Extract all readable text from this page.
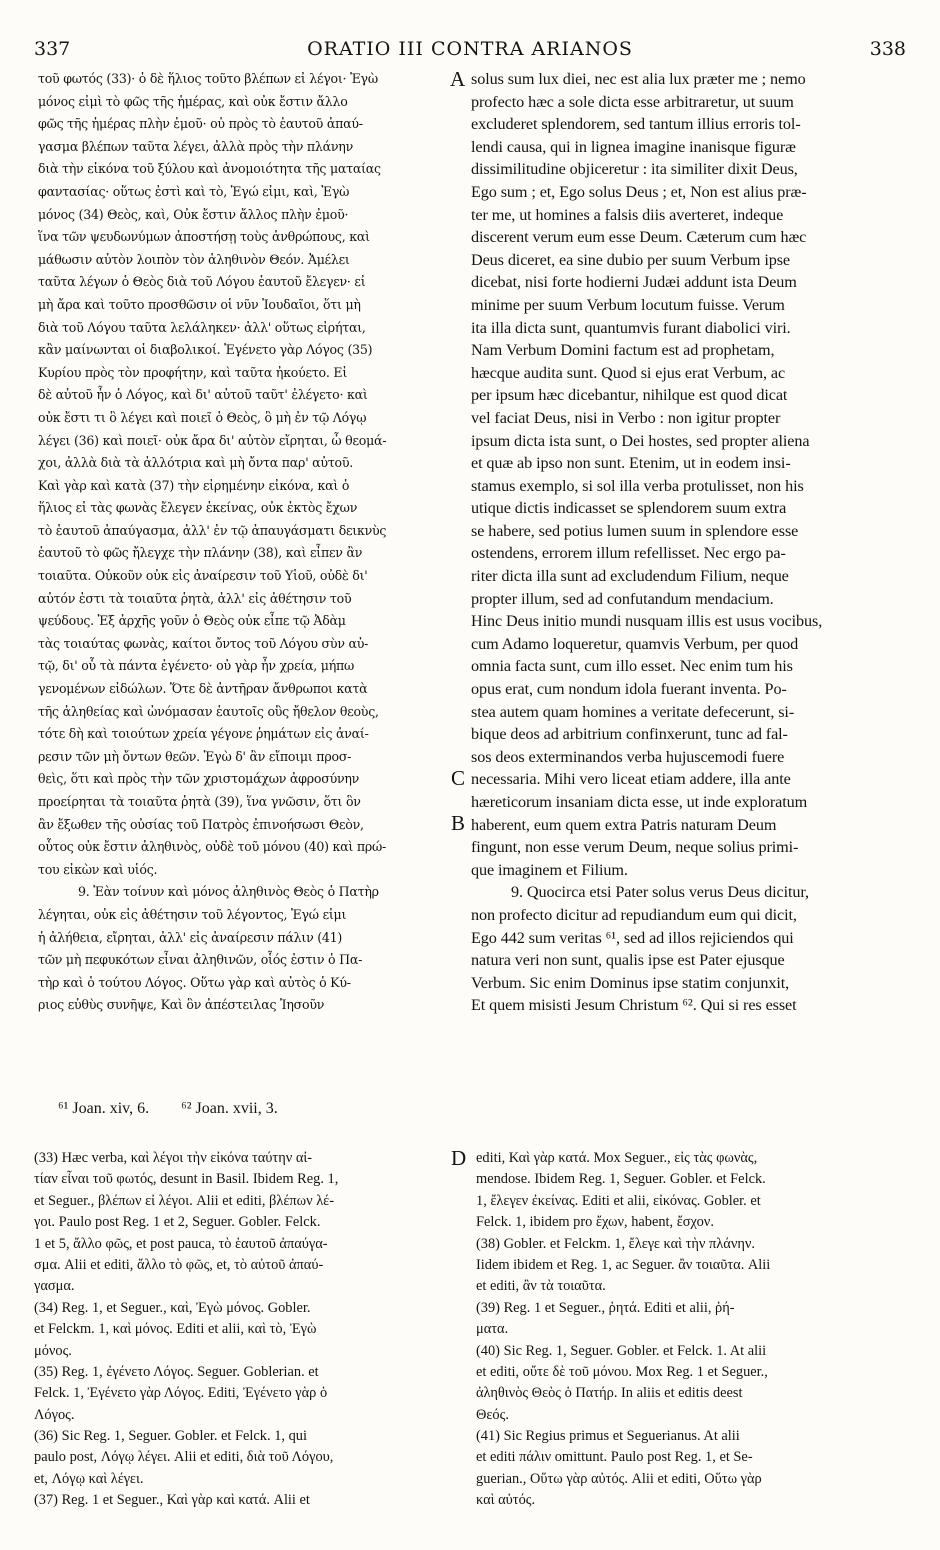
337	ORATIO III CONTRA ARIANOS	338
τοῦ φωτός (33)· ὁ δὲ ἥλιος τοῦτο βλέπων εἰ λέγοι· Ἐγὼ
μόνος εἰμὶ τὸ φῶς τῆς ἡμέρας, καὶ οὐκ ἔστιν ἄλλο
φῶς τῆς ἡμέρας πλὴν ἐμοῦ· οὐ πρὸς τὸ ἑαυτοῦ ἀπαύ-
γασμα βλέπων ταῦτα λέγει, ἀλλὰ πρὸς τὴν πλάνην
διὰ τὴν εἰκόνα τοῦ ξύλου καὶ ἀνομοιότητα τῆς ματαίας
φαντασίας· οὕτως ἐστὶ καὶ τὸ, Ἐγώ εἰμι, καὶ, Ἐγὼ
μόνος (34) Θεὸς, καὶ, Οὐκ ἔστιν ἄλλος πλὴν ἐμοῦ·
ἵνα τῶν ψευδωνύμων ἀποστήσῃ τοὺς ἀνθρώπους, καὶ
μάθωσιν αὐτὸν λοιπὸν τὸν ἀληθινὸν Θεόν. Ἀμέλει
ταῦτα λέγων ὁ Θεὸς διὰ τοῦ Λόγου ἑαυτοῦ ἔλεγεν· εἰ
μὴ ἄρα καὶ τοῦτο προσθῶσιν οἱ νῦν Ἰουδαῖοι, ὅτι μὴ
διὰ τοῦ Λόγου ταῦτα λελάληκεν· ἀλλ' οὕτως εἰρήται,
κἂν μαίνωνται οἱ διαβολικοί. Ἐγένετο γὰρ Λόγος (35)
Κυρίου πρὸς τὸν προφήτην, καὶ ταῦτα ἠκούετο. Εἰ
δὲ αὐτοῦ ἦν ὁ Λόγος, καὶ δι' αὐτοῦ ταῦτ' ἐλέγετο· καὶ
οὐκ ἔστι τι ὃ λέγει καὶ ποιεῖ ὁ Θεὸς, ὃ μὴ ἐν τῷ Λόγῳ
λέγει (36) καὶ ποιεῖ· οὐκ ἄρα δι' αὐτὸν εἴρηται, ὦ θεομά-
χοι, ἀλλὰ διὰ τὰ ἀλλότρια καὶ μὴ ὄντα παρ' αὐτοῦ.
Καὶ γὰρ καὶ κατὰ (37) τὴν εἰρημένην εἰκόνα, καὶ ὁ
ἥλιος εἰ τὰς φωνὰς ἔλεγεν ἐκείνας, οὐκ ἐκτὸς ἔχων
τὸ ἑαυτοῦ ἀπαύγασμα, ἀλλ' ἐν τῷ ἀπαυγάσματι δεικνὺς
ἑαυτοῦ τὸ φῶς ἤλεγχε τὴν πλάνην (38), καὶ εἶπεν ἂν
τοιαῦτα. Οὐκοῦν οὐκ εἰς ἀναίρεσιν τοῦ Υἱοῦ, οὐδὲ δι'
αὐτόν ἐστι τὰ τοιαῦτα ῥητὰ, ἀλλ' εἰς ἀθέτησιν τοῦ
ψεύδους. Ἐξ ἀρχῆς γοῦν ὁ Θεὸς οὐκ εἶπε τῷ Ἀδὰμ
τὰς τοιαύτας φωνὰς, καίτοι ὄντος τοῦ Λόγου σὺν αὐ-
τῷ, δι' οὗ τὰ πάντα ἐγένετο· οὐ γὰρ ἦν χρεία, μήπω
γενομένων εἰδώλων. Ὅτε δὲ ἀντῆραν ἄνθρωποι κατὰ
τῆς ἀληθείας καὶ ὠνόμασαν ἑαυτοῖς οὓς ἤθελον θεοὺς,
τότε δὴ καὶ τοιούτων χρεία γέγονε ῥημάτων εἰς ἀναί-
ρεσιν τῶν μὴ ὄντων θεῶν. Ἐγὼ δ' ἂν εἴποιμι προσ-
θεὶς, ὅτι καὶ πρὸς τὴν τῶν χριστομάχων ἀφροσύνην
προείρηται τὰ τοιαῦτα ῥητὰ (39), ἵνα γνῶσιν, ὅτι ὃν
ἂν ἔξωθεν τῆς οὐσίας τοῦ Πατρὸς ἐπινοήσωσι Θεὸν,
οὗτος οὐκ ἔστιν ἀληθινὸς, οὐδὲ τοῦ μόνου (40) καὶ πρώ-
του εἰκὼν καὶ υἱός.
9. Ἐὰν τοίνυν καὶ μόνος ἀληθινὸς Θεὸς ὁ Πατὴρ
λέγηται, οὐκ εἰς ἀθέτησιν τοῦ λέγοντος, Ἐγώ εἰμι
ἡ ἀλήθεια, εἴρηται, ἀλλ' εἰς ἀναίρεσιν πάλιν (41)
τῶν μὴ πεφυκότων εἶναι ἀληθινῶν, οἷός ἐστιν ὁ Πα-
τὴρ καὶ ὁ τούτου Λόγος. Οὕτω γὰρ καὶ αὐτὸς ὁ Κύ-
ριος εὐθὺς συνῆψε, Καὶ ὃν ἀπέστειλας Ἰησοῦν
solus sum lux diei, nec est alia lux præter me ; nemo
profecto hæc a sole dicta esse arbitraretur, ut suum
excluderet splendorem, sed tantum illius erroris tol-
lendi causa, qui in lignea imagine inanisque figuræ
dissimilitudine objiceretur : ita similiter dixit Deus,
Ego sum ; et, Ego solus Deus ; et, Non est alius præ-
ter me, ut homines a falsis diis averteret, indeque
discerent verum eum esse Deum. Cæterum cum hæc
Deus diceret, ea sine dubio per suum Verbum ipse
dicebat, nisi forte hodierni Judæi addunt ista Deum
minime per suum Verbum locutum fuisse. Verum
ita illa dicta sunt, quantumvis furant diabolici viri.
Nam Verbum Domini factum est ad prophetam,
hæcque audita sunt. Quod si ejus erat Verbum, ac
per ipsum hæc dicebantur, nihilque est quod dicat
vel faciat Deus, nisi in Verbo : non igitur propter
ipsum dicta ista sunt, o Dei hostes, sed propter aliena
et quæ ab ipso non sunt. Etenim, ut in eodem insi-
stamus exemplo, si sol illa verba protulisset, non his
utique dictis indicasset se splendorem suum extra
se habere, sed potius lumen suum in splendore esse
ostendens, errorem illum refellisset. Nec ergo pa-
riter dicta illa sunt ad excludendum Filium, neque
propter illum, sed ad confutandum mendacium.
Hinc Deus initio mundi nusquam illis est usus vocibus,
cum Adamo loqueretur, quamvis Verbum, per quod
omnia facta sunt, cum illo esset. Nec enim tum his
opus erat, cum nondum idola fuerant inventa. Po-
stea autem quam homines a veritate defecerunt, si-
bique deos ad arbitrium confinxerunt, tunc ad fal-
sos deos exterminandos verba hujuscemodi fuere
necessaria. Mihi vero liceat etiam addere, illa ante
hæreticorum insaniam dicta esse, ut inde exploratum
haberent, eum quem extra Patris naturam Deum
fingunt, non esse verum Deum, neque solius primi-
que imaginem et Filium.
9. Quocirca etsi Pater solus verus Deus dicitur,
non profecto dicitur ad repudiandum eum qui dicit,
Ego 442 sum veritas ⁶¹, sed ad illos rejiciendos qui
natura veri non sunt, qualis ipse est Pater ejusque
Verbum. Sic enim Dominus ipse statim conjunxit,
Et quem misisti Jesum Christum ⁶². Qui si res esset
A
B
C
D
⁶¹ Joan. xiv, 6. ⁶² Joan. xvii, 3.
(33) Hæc verba, καὶ λέγοι τὴν εἰκόνα ταύτην αἰ-
τίαν εἶναι τοῦ φωτός, desunt in Basil. Ibidem Reg. 1,
et Seguer., βλέπων εἰ λέγοι. Alii et editi, βλέπων λέ-
γοι. Paulo post Reg. 1 et 2, Seguer. Gobler. Felck.
1 et 5, ἄλλο φῶς, et post pauca, τὸ ἑαυτοῦ ἀπαύγα-
σμα. Alii et editi, ἄλλο τὸ φῶς, et, τὸ αὐτοῦ ἀπαύ-
γασμα.
(34) Reg. 1, et Seguer., καὶ, Ἐγὼ μόνος. Gobler.
et Felckm. 1, καὶ μόνος. Editi et alii, καὶ τὸ, Ἐγὼ
μόνος.
(35) Reg. 1, ἐγένετο Λόγος. Seguer. Goblerian. et
Felck. 1, Ἐγένετο γὰρ Λόγος. Editi, Ἐγένετο γὰρ ὁ
Λόγος.
(36) Sic Reg. 1, Seguer. Gobler. et Felck. 1, qui
paulo post, Λόγῳ λέγει. Alii et editi, διὰ τοῦ Λόγου,
et, Λόγῳ καὶ λέγει.
(37) Reg. 1 et Seguer., Καὶ γὰρ καὶ κατά. Alii et
editi, Καὶ γὰρ κατά. Mox Seguer., εἰς τὰς φωνὰς,
mendose. Ibidem Reg. 1, Seguer. Gobler. et Felck.
1, ἔλεγεν ἐκείνας. Editi et alii, εἰκόνας. Gobler. et
Felck. 1, ibidem pro ἔχων, habent, ἔσχον.
(38) Gobler. et Felckm. 1, ἔλεγε καὶ τὴν πλάνην.
Iidem ibidem et Reg. 1, ac Seguer. ἂν τοιαῦτα. Alii
et editi, ἂν τὰ τοιαῦτα.
(39) Reg. 1 et Seguer., ῥητά. Editi et alii, ῥή-
ματα.
(40) Sic Reg. 1, Seguer. Gobler. et Felck. 1. At alii
et editi, οὔτε δὲ τοῦ μόνου. Mox Reg. 1 et Seguer.,
ἀληθινὸς Θεὸς ὁ Πατήρ. In aliis et editis deest
Θεός.
(41) Sic Regius primus et Seguerianus. At alii
et editi πάλιν omittunt. Paulo post Reg. 1, et Se-
guerian., Οὕτω γὰρ αὐτός. Alii et editi, Οὕτω γὰρ
καὶ αὐτός.
